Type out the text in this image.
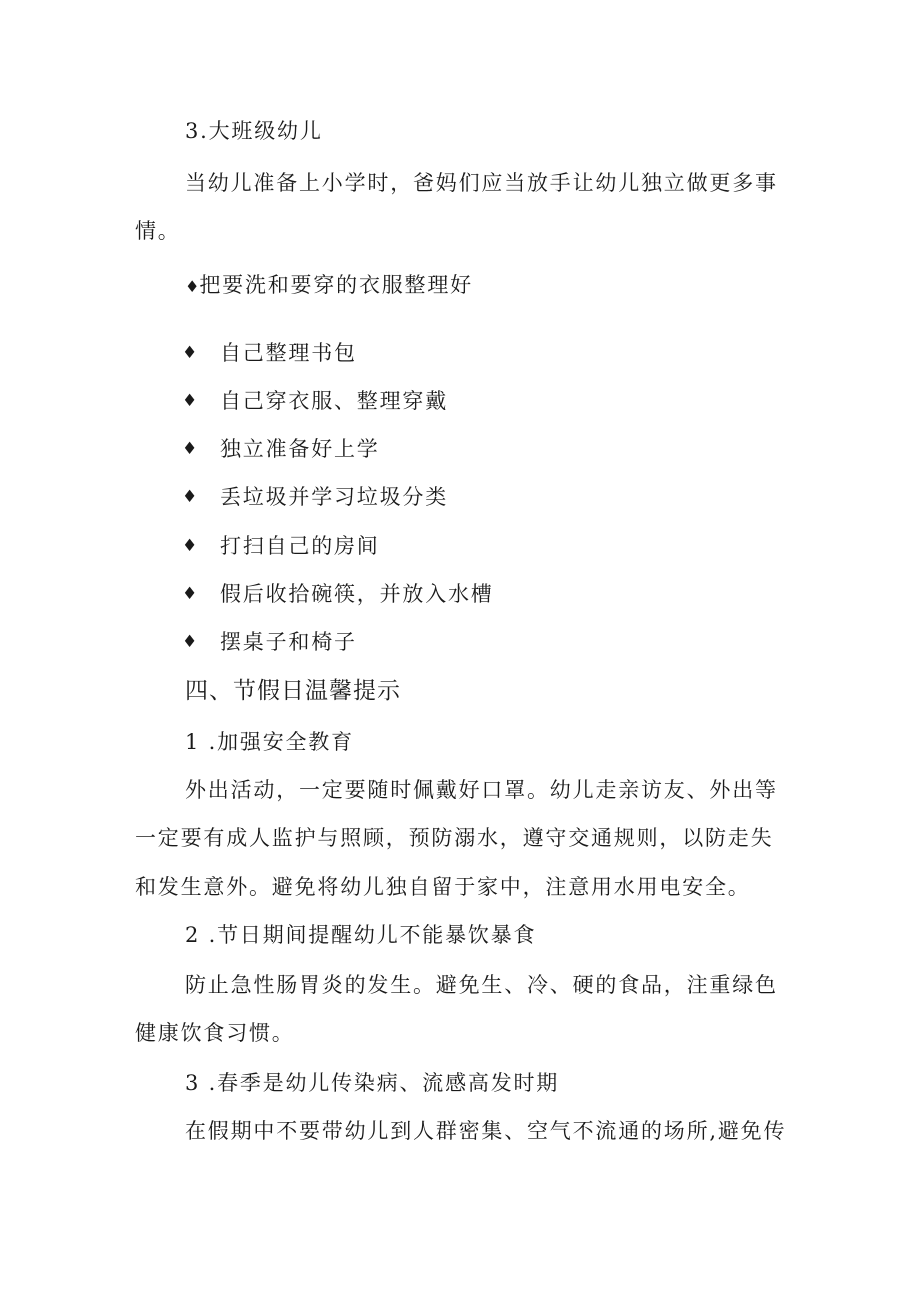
3.大班级幼儿
当幼儿准备上小学时，爸妈们应当放手让幼儿独立做更多事
情。
♦把要洗和要穿的衣服整理好
♦ 自己整理书包
♦ 自己穿衣服、整理穿戴
♦ 独立准备好上学
♦ 丢垃圾并学习垃圾分类
♦ 打扫自己的房间
♦ 假后收拾碗筷，并放入水槽
♦ 摆桌子和椅子
四、节假日温馨提示
1 .加强安全教育
外出活动，一定要随时佩戴好口罩。幼儿走亲访友、外出等
一定要有成人监护与照顾，预防溺水，遵守交通规则，以防走失
和发生意外。避免将幼儿独自留于家中，注意用水用电安全。
2 .节日期间提醒幼儿不能暴饮暴食
防止急性肠胃炎的发生。避免生、冷、硬的食品，注重绿色
健康饮食习惯。
3 .春季是幼儿传染病、流感高发时期
在假期中不要带幼儿到人群密集、空气不流通的场所,避免传
